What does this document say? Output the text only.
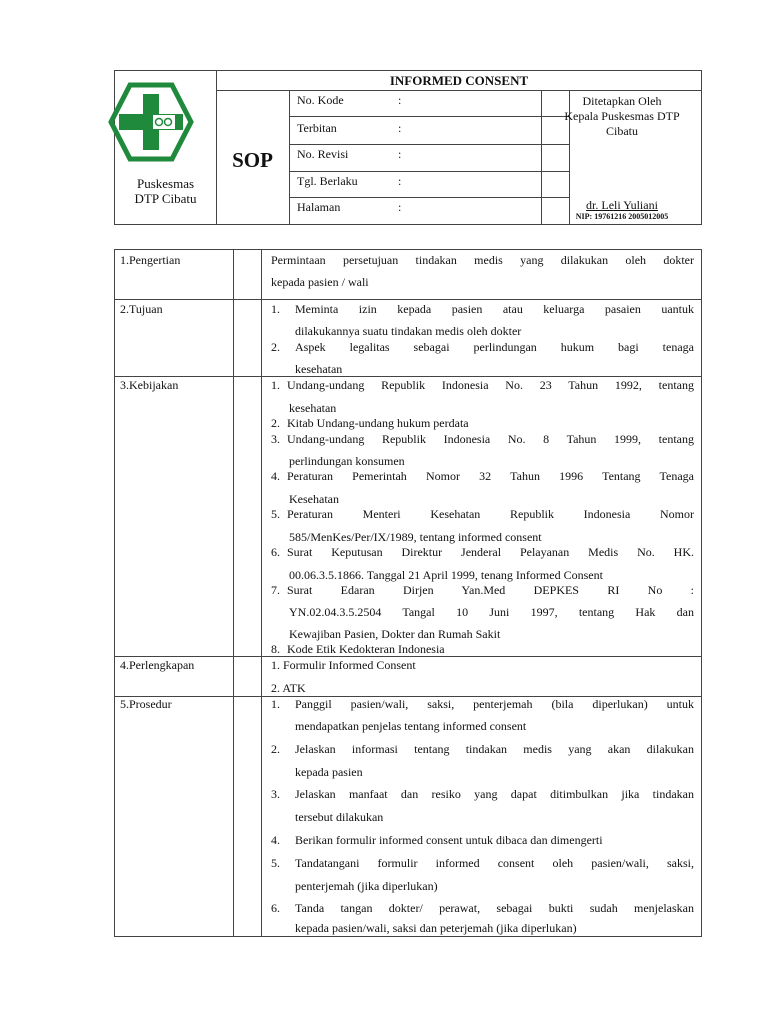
Puskesmas
DTP Cibatu
INFORMED CONSENT
SOP
No. Kode	:
Terbitan	:
No. Revisi	:
Tgl. Berlaku	:
Halaman	:
Ditetapkan Oleh
Kepala Puskesmas DTP
Cibatu
dr. Leli Yuliani
NIP: 19761216 2005012005
1.Pengertian	Permintaan persetujuan tindakan medis yang dilakukan oleh dokter
kepada pasien / wali
2.Tujuan	1. Meminta izin kepada pasien atau keluarga pasaien uantuk
dilakukannya suatu tindakan medis oleh dokter
2. Aspek legalitas sebagai perlindungan hukum bagi tenaga
kesehatan
3.Kebijakan	1. Undang-undang Republik Indonesia No. 23 Tahun 1992, tentang
kesehatan
2. Kitab Undang-undang hukum perdata
3. Undang-undang Republik Indonesia No. 8 Tahun 1999, tentang
perlindungan konsumen
4. Peraturan Pemerintah Nomor 32 Tahun 1996 Tentang Tenaga
Kesehatan
5. Peraturan Menteri Kesehatan Republik Indonesia Nomor
585/MenKes/Per/IX/1989, tentang informed consent
6. Surat Keputusan Direktur Jenderal Pelayanan Medis No. HK.
00.06.3.5.1866. Tanggal 21 April 1999, tenang Informed Consent
7. Surat Edaran Dirjen Yan.Med DEPKES RI No :
YN.02.04.3.5.2504 Tangal 10 Juni 1997, tentang Hak dan
Kewajiban Pasien, Dokter dan Rumah Sakit
8. Kode Etik Kedokteran Indonesia
4.Perlengkapan	1. Formulir Informed Consent
2. ATK
5.Prosedur	1. Panggil pasien/wali, saksi, penterjemah (bila diperlukan) untuk
mendapatkan penjelas tentang informed consent
2. Jelaskan informasi tentang tindakan medis yang akan dilakukan
kepada pasien
3. Jelaskan manfaat dan resiko yang dapat ditimbulkan jika tindakan
tersebut dilakukan
4. Berikan formulir informed consent untuk dibaca dan dimengerti
5. Tandatangani formulir informed consent oleh pasien/wali, saksi,
penterjemah (jika diperlukan)
6. Tanda tangan dokter/ perawat, sebagai bukti sudah menjelaskan
kepada pasien/wali, saksi dan peterjemah (jika diperlukan)
